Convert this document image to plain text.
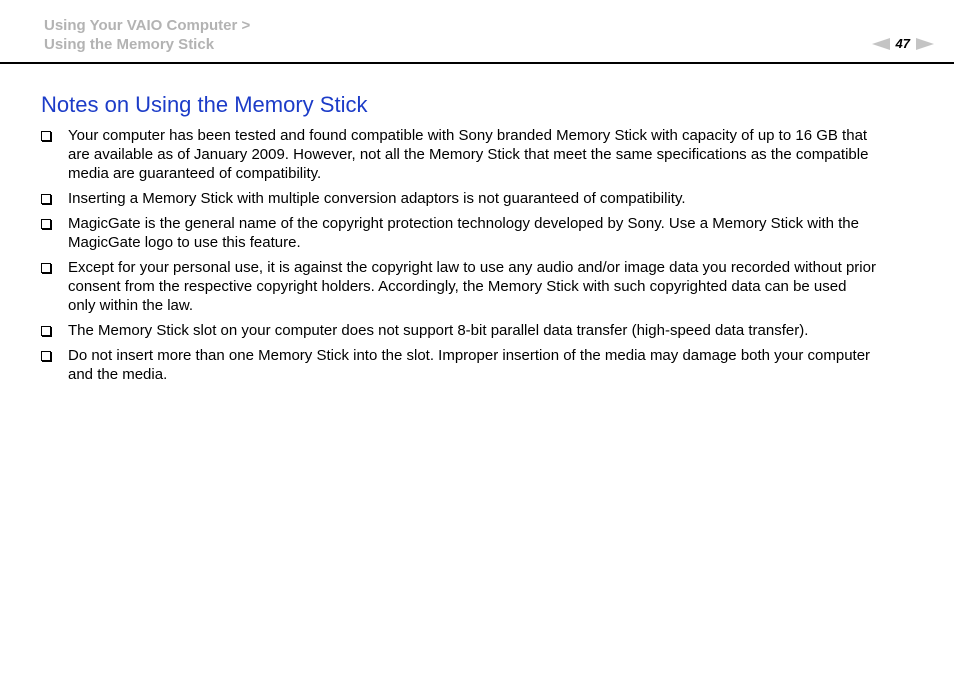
Using Your VAIO Computer >
Using the Memory Stick	47
Notes on Using the Memory Stick
Your computer has been tested and found compatible with Sony branded Memory Stick with capacity of up to 16 GB that
are available as of January 2009. However, not all the Memory Stick that meet the same specifications as the compatible
media are guaranteed of compatibility.
Inserting a Memory Stick with multiple conversion adaptors is not guaranteed of compatibility.
MagicGate is the general name of the copyright protection technology developed by Sony. Use a Memory Stick with the
MagicGate logo to use this feature.
Except for your personal use, it is against the copyright law to use any audio and/or image data you recorded without prior
consent from the respective copyright holders. Accordingly, the Memory Stick with such copyrighted data can be used
only within the law.
The Memory Stick slot on your computer does not support 8-bit parallel data transfer (high-speed data transfer).
Do not insert more than one Memory Stick into the slot. Improper insertion of the media may damage both your computer
and the media.
